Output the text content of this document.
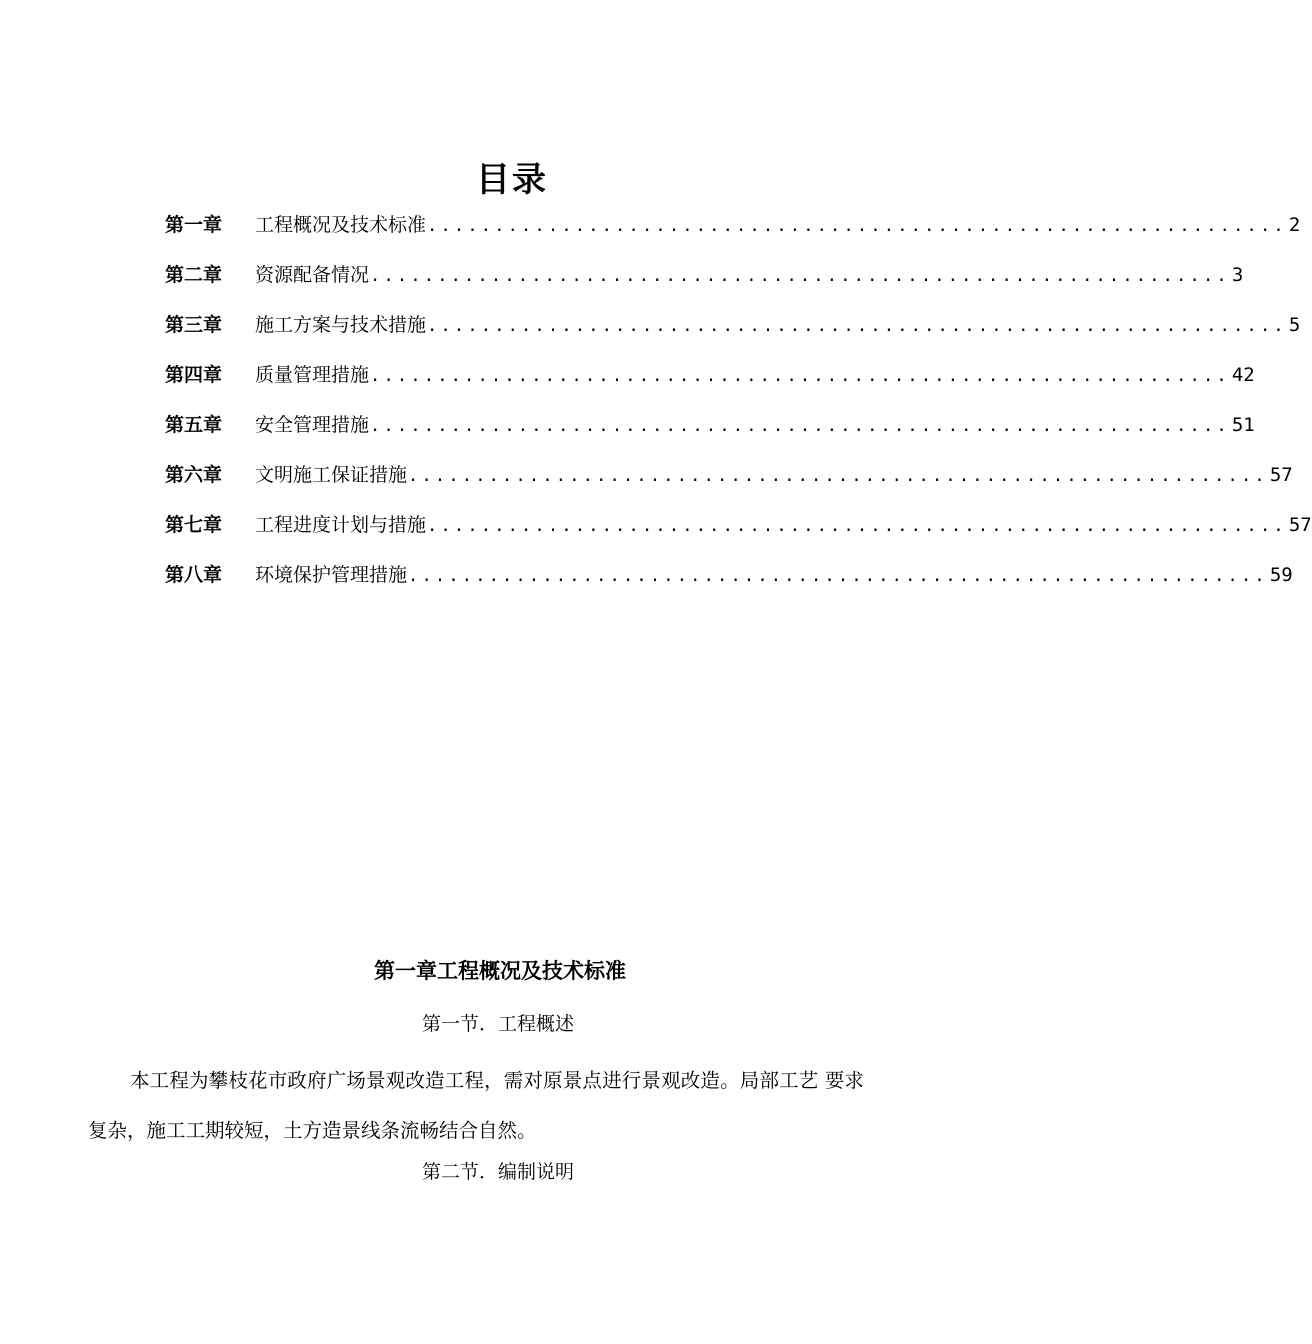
目录
第一章	工程概况及技术标准 ................................................................ 2
第二章	资源配备情况 ................................................................ 3
第三章	施工方案与技术措施 ................................................................ 5
第四章	质量管理措施 ................................................................ 42
第五章	安全管理措施 ................................................................ 51
第六章	文明施工保证措施 ................................................................ 57
第七章	工程进度计划与措施 ................................................................ 57
第八章	环境保护管理措施 ................................................................ 59
第一章工程概况及技术标准
第一节．工程概述

本工程为攀枝花市政府广场景观改造工程，需对原景点进行景观改造。局部工艺 要求复杂，施工工期较短，土方造景线条流畅结合自然。

第二节．编制说明
